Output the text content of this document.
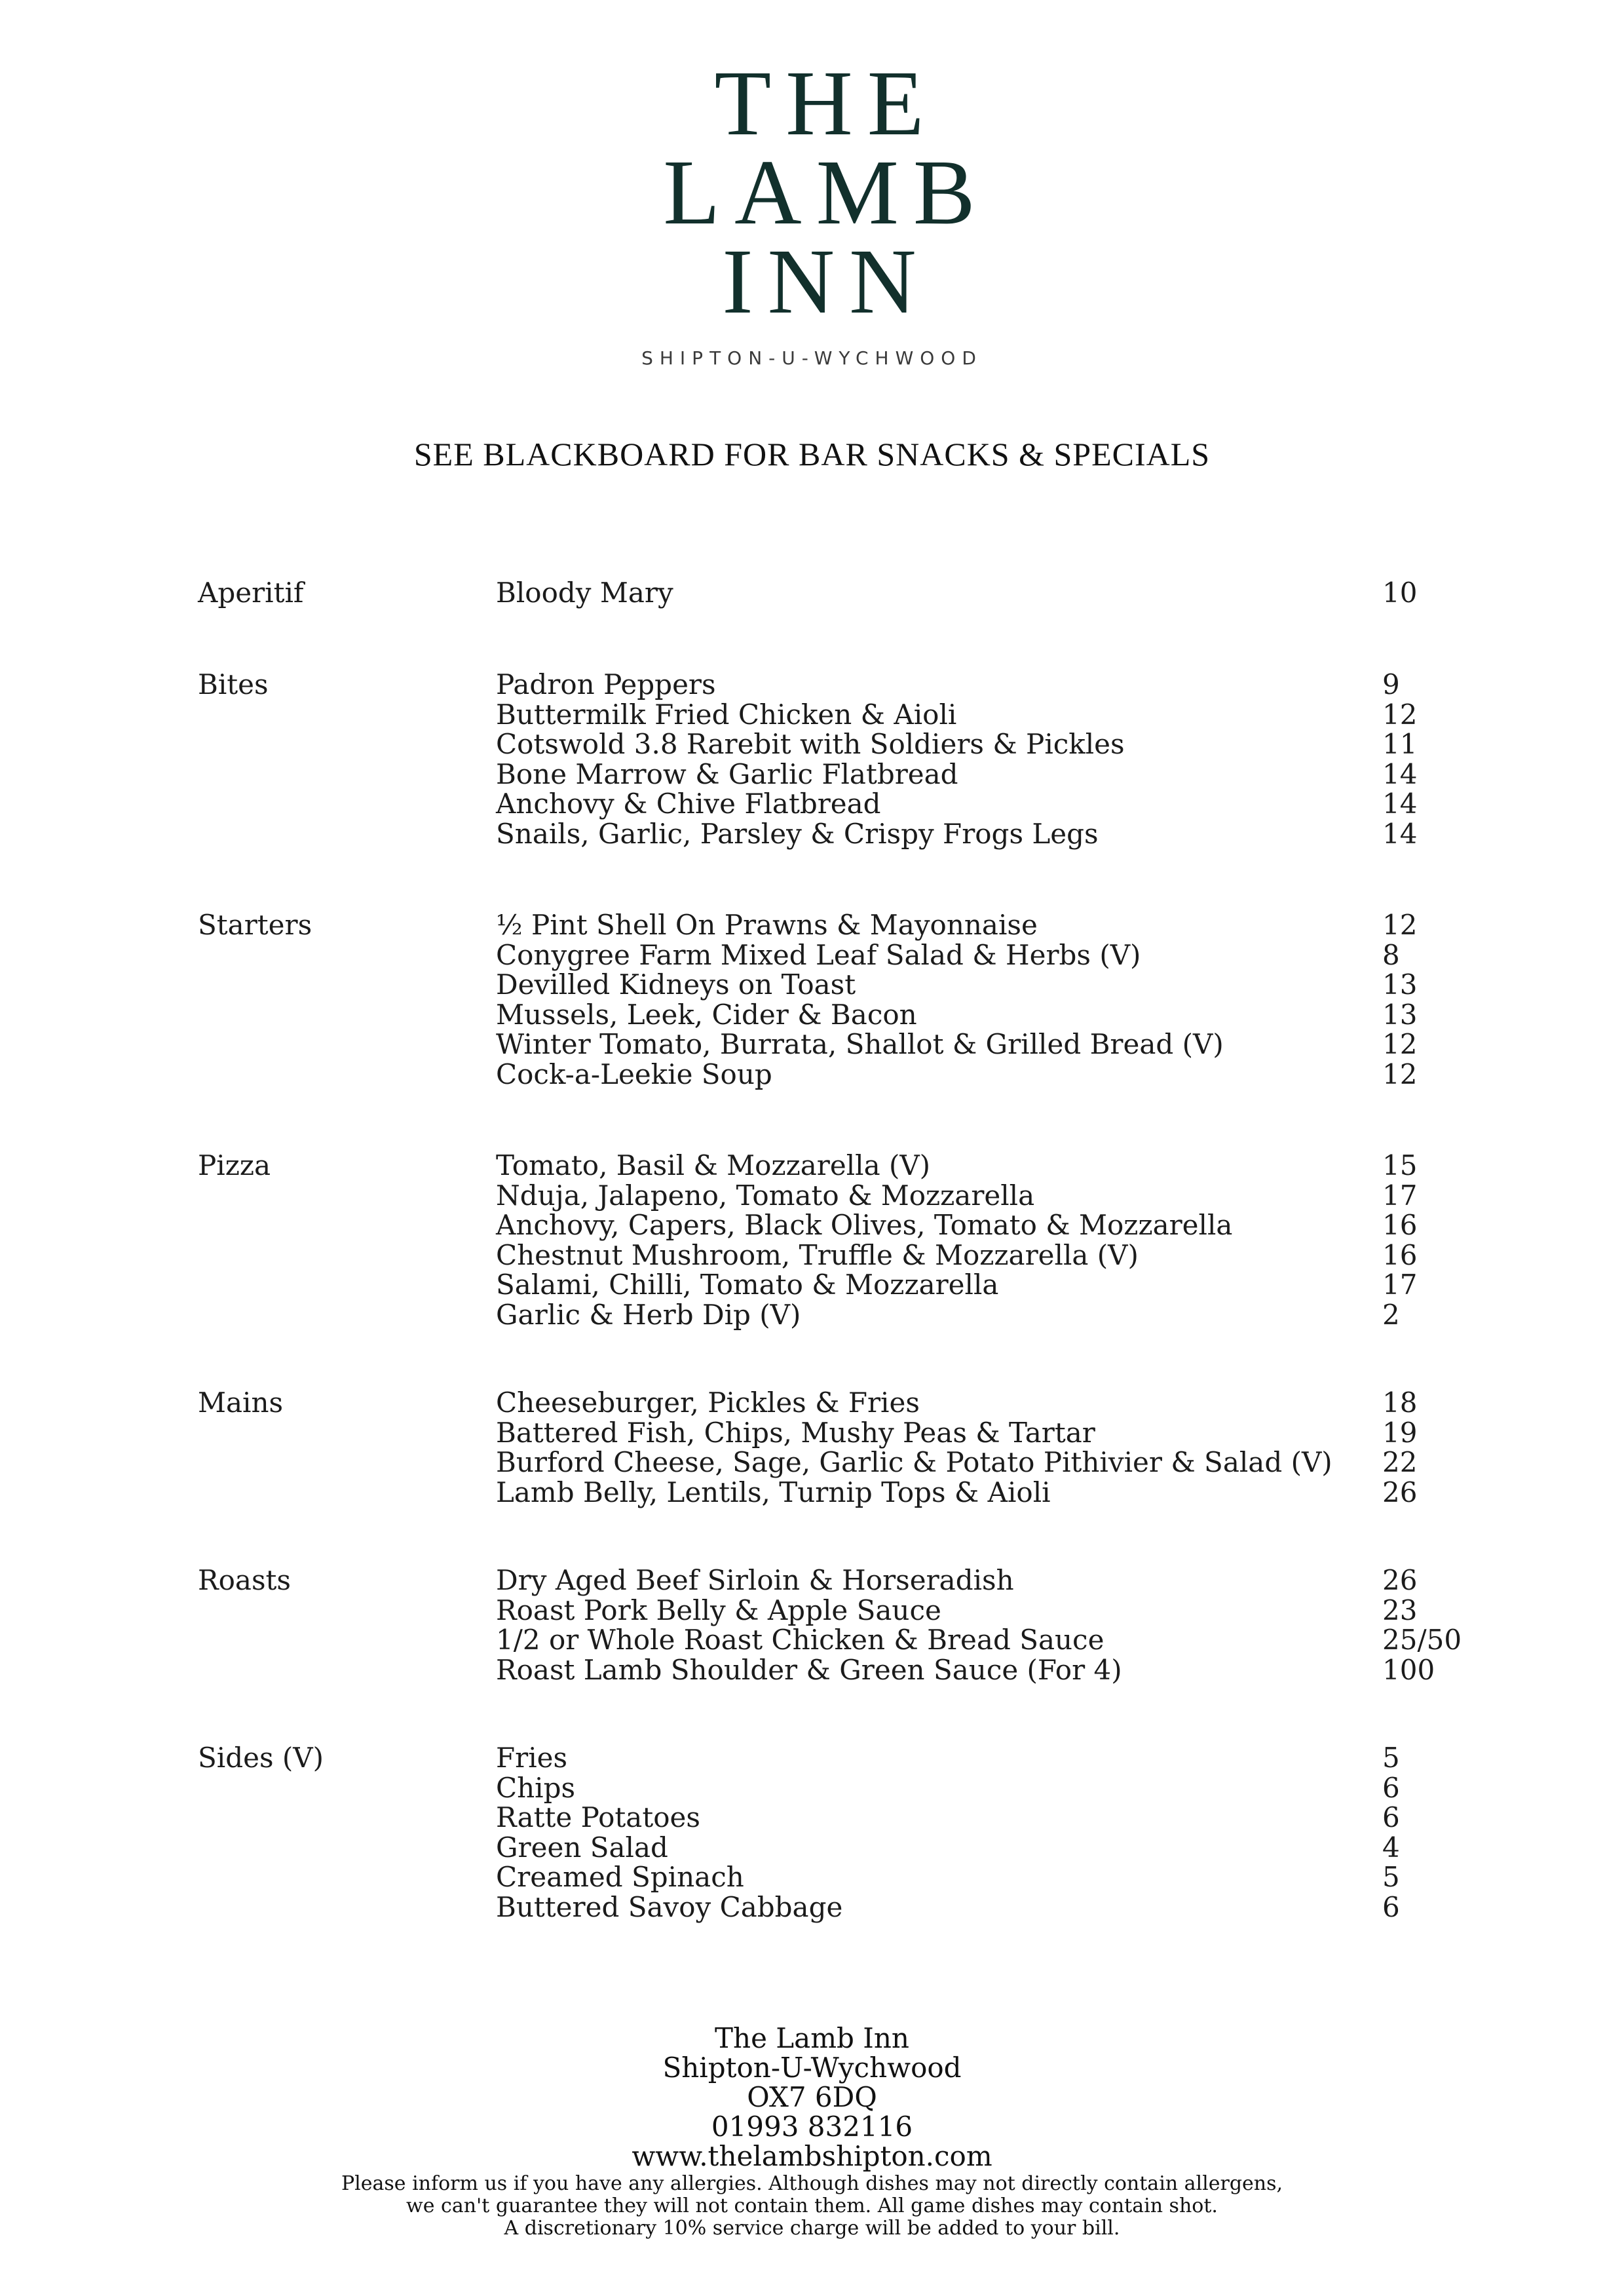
THE
LAMB
INN
SHIPTON-U-WYCHWOOD
SEE BLACKBOARD FOR BAR SNACKS & SPECIALS
Aperitif	Bloody Mary	10
Bites	Padron Peppers	9
Buttermilk Fried Chicken & Aioli	12
Cotswold 3.8 Rarebit with Soldiers & Pickles	11
Bone Marrow & Garlic Flatbread	14
Anchovy & Chive Flatbread	14
Snails, Garlic, Parsley & Crispy Frogs Legs	14
Starters	½ Pint Shell On Prawns & Mayonnaise	12
Conygree Farm Mixed Leaf Salad & Herbs (V)	8
Devilled Kidneys on Toast	13
Mussels, Leek, Cider & Bacon	13
Winter Tomato, Burrata, Shallot & Grilled Bread (V)	12
Cock-a-Leekie Soup	12
Pizza	Tomato, Basil & Mozzarella (V)	15
Nduja, Jalapeno, Tomato & Mozzarella	17
Anchovy, Capers, Black Olives, Tomato & Mozzarella	16
Chestnut Mushroom, Truffle & Mozzarella (V)	16
Salami, Chilli, Tomato & Mozzarella	17
Garlic & Herb Dip (V)	2
Mains	Cheeseburger, Pickles & Fries	18
Battered Fish, Chips, Mushy Peas & Tartar	19
Burford Cheese, Sage, Garlic & Potato Pithivier & Salad (V) 22
Lamb Belly, Lentils, Turnip Tops & Aioli	26
Roasts	Dry Aged Beef Sirloin & Horseradish	26
Roast Pork Belly & Apple Sauce	23
1/2 or Whole Roast Chicken & Bread Sauce	25/50
Roast Lamb Shoulder & Green Sauce (For 4)	100
Sides (V)	Fries	5
Chips	6
Ratte Potatoes	6
Green Salad	4
Creamed Spinach	5
Buttered Savoy Cabbage	6
The Lamb Inn
Shipton-U-Wychwood
OX7 6DQ
01993 832116
www.thelambshipton.com
Please inform us if you have any allergies. Although dishes may not directly contain allergens,
we can't guarantee they will not contain them. All game dishes may contain shot.
A discretionary 10% service charge will be added to your bill.
